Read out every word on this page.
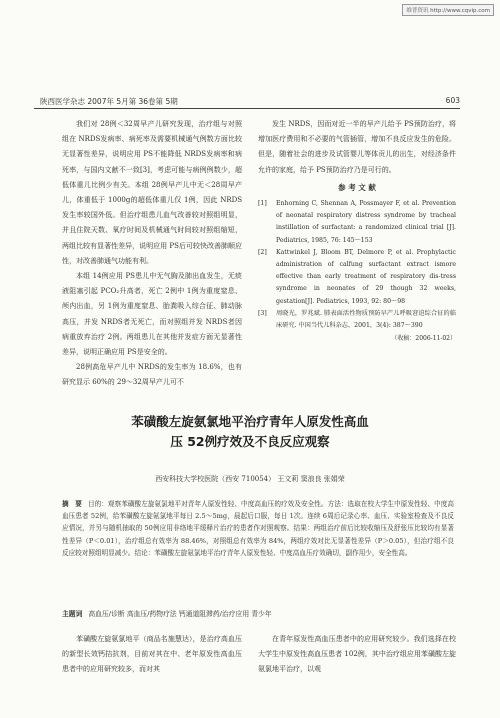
维普资讯 http://www.cqvip.com
陕西医学杂志 2007年 5月第 36卷第 5期	603

我们对 28例＜32周早产儿研究发现，治疗组与对照组在 NRDS发病率、病死率及需要机械通气例数方面比较无显著性差异，说明应用 PS不能降低 NRDS发病率和病死率，与国内文献不一致[3]，考虑可能与病例例数少，超低体重儿比例少有关。本组 28例早产儿中无＜28周早产儿，体重低于 1000g的超低体重儿仅 1例，因此 NRDS发生率较国外低。但治疗组患儿血气改善较对照组明显，并且住院天数、氧疗时间及机械通气时间较对照组缩短，两组比较有显著性差异，说明应用 PS后可较快改善肺顺应性，对改善肺通气功能有利。

本组 14例应用 PS患儿中无气胸及肺出血发生，无痰液阻塞引起 PCO₂升高者，死亡 2例中 1例为重度窒息、颅内出血，另 1例为重度窒息、胎粪吸入综合征、肺动脉高压，并发 NRDS者无死亡，而对照组并发 NRDS者因病重放弃治疗 2例。两组患儿在其他并发症方面无显著性差异，说明正确应用 PS是安全的。

28例高危早产儿中 NRDS的发生率为 18.6%，也有研究显示 60%的 29～32周早产儿可不

发生 NRDS，因而对近一半的早产儿给予 PS预防治疗，将增加医疗费用和不必要的气管插管，增加不良反应发生的危险。但是，随着社会的进步及试管婴儿等体贡儿的出生，对经济条件允许的家庭，给予 PS预防治疗乃是可行的。

参 考 文 献
[1] Enhorning C, Shennan A, Possmayer F, et al. Prevention of neonatal respiratory distress syndrome by tracheal instillation of surfactant: a randomized clinical trial [J]. Pediatrics, 1985, 76: 145～153
[2] Kattwinkel J, Bloom BT, Delmore P, et al. Prophylactic administration of calfung surfactant extract ismore effective than early treatment of respiratory dis-tress syndrome in neonates of 29 though 32 weeks, gestation[J]. Pediatrics, 1993, 92: 80～98
[3] 周晓光，罗兆斌. 肺表面活性物质预防早产儿呼吸窘迫综合征的临床研究. 中国当代儿科杂志，2001，3(4): 387～390
（收稿：2006-11-02）
苯磺酸左旋氨氯地平治疗青年人原发性高血
压 52例疗效及不良反应观察
西安科技大学校医院（西安 710054） 王文莉 窦浪良 张娟荣
摘　要 目的：观察苯磺酸左旋氨氯地平对青年人原发性轻、中度高血压的疗效及安全性。方法：选取在校大学生中原发性轻、中度高血压患者 52例，给苯磺酸左旋氨氯地平每日 2.5～5mg，晨起后口服，每日 1次。连续 6周后记录心率、血压、实验室检查及不良反应情况，并另与随机抽取的 50例应用非络地平缓释片治疗的患者作对照观察。结果：两组治疗前后比较收缩压及舒张压比较均有显著性差异（P＜0.01），治疗组总有效率为 88.46%，对照组总有效率为 84%，两组疗效对比无显著性差异（P＞0.05），但治疗组不良反应较对照组明显减少。结论：苯磺酸左旋氨氯地平治疗青年人原发性轻、中度高血压疗效确切，副作用少，安全性高。
主题词 高血压/诊断 高血压/药物疗法 钙通道阻滞药/治疗应用 青少年

苯磺酸左旋氨氯地平（商品名施慧达），是治疗高血压的新型长效钙拮抗剂，目前对其在中、老年原发性高血压患者中的应用研究较多，而对其

在青年原发性高血压患者中的应用研究较少。我们选择在校大学生中原发性高血压患者 102例，其中治疗组应用苯磺酸左旋氨氯地平治疗，以观
